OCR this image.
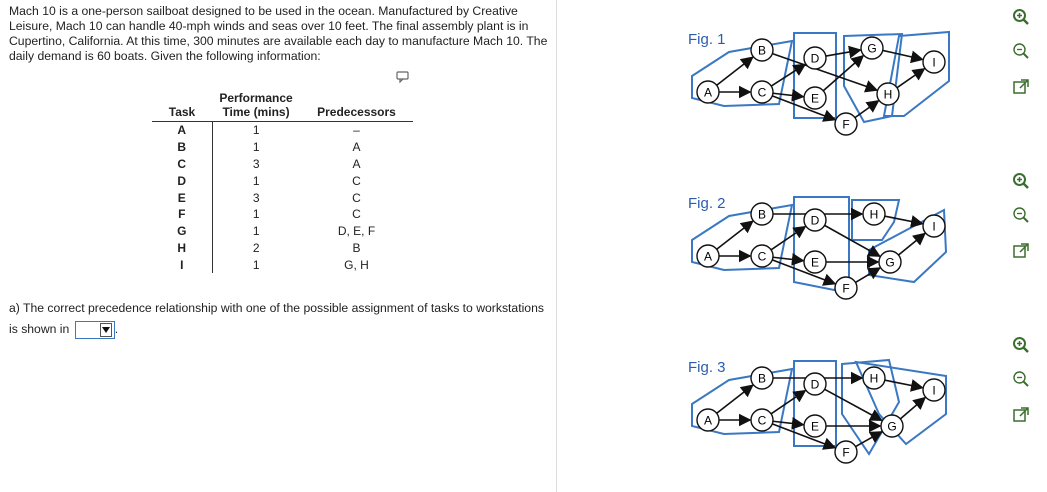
Mach 10 is a one-person sailboat designed to be used in the ocean. Manufactured by Creative Leisure, Mach 10 can handle 40-mph winds and seas over 10 feet. The final assembly plant is in Cupertino, California. At this time, 300 minutes are available each day to manufacture Mach 10. The daily demand is 60 boats. Given the following information:

Task	Performance Time (mins)	Predecessors
A	1	–
B	1	A
C	3	A
D	1	C
E	3	C
F	1	C
G	1	D, E, F
H	2	B
I	1	G, H

a) The correct precedence relationship with one of the possible assignment of tasks to workstations is shown in	.

Fig. 1
A
B
C
D
E
F
G
H
I
Fig. 2
A
B
C
D
E
F
G
H
I
Fig. 3
A
B
C
D
E
F
G
H
I
